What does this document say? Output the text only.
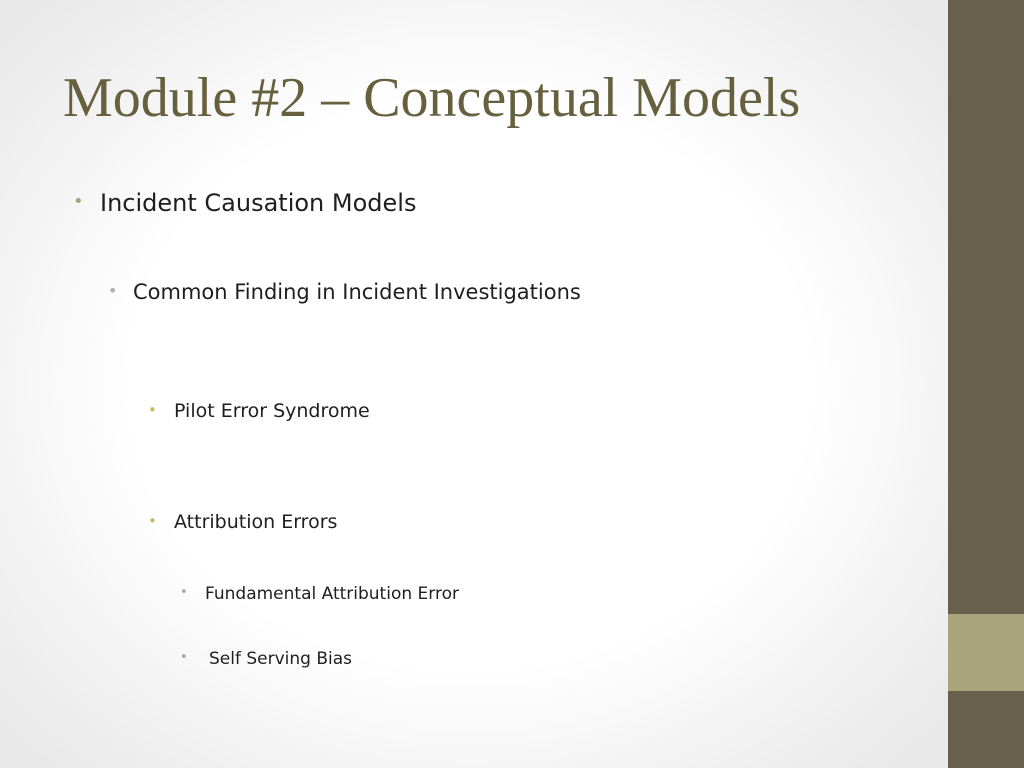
Module #2 – Conceptual Models
• Incident Causation Models
• Common Finding in Incident Investigations
• Pilot Error Syndrome
• Attribution Errors
• Fundamental Attribution Error
• Self Serving Bias
